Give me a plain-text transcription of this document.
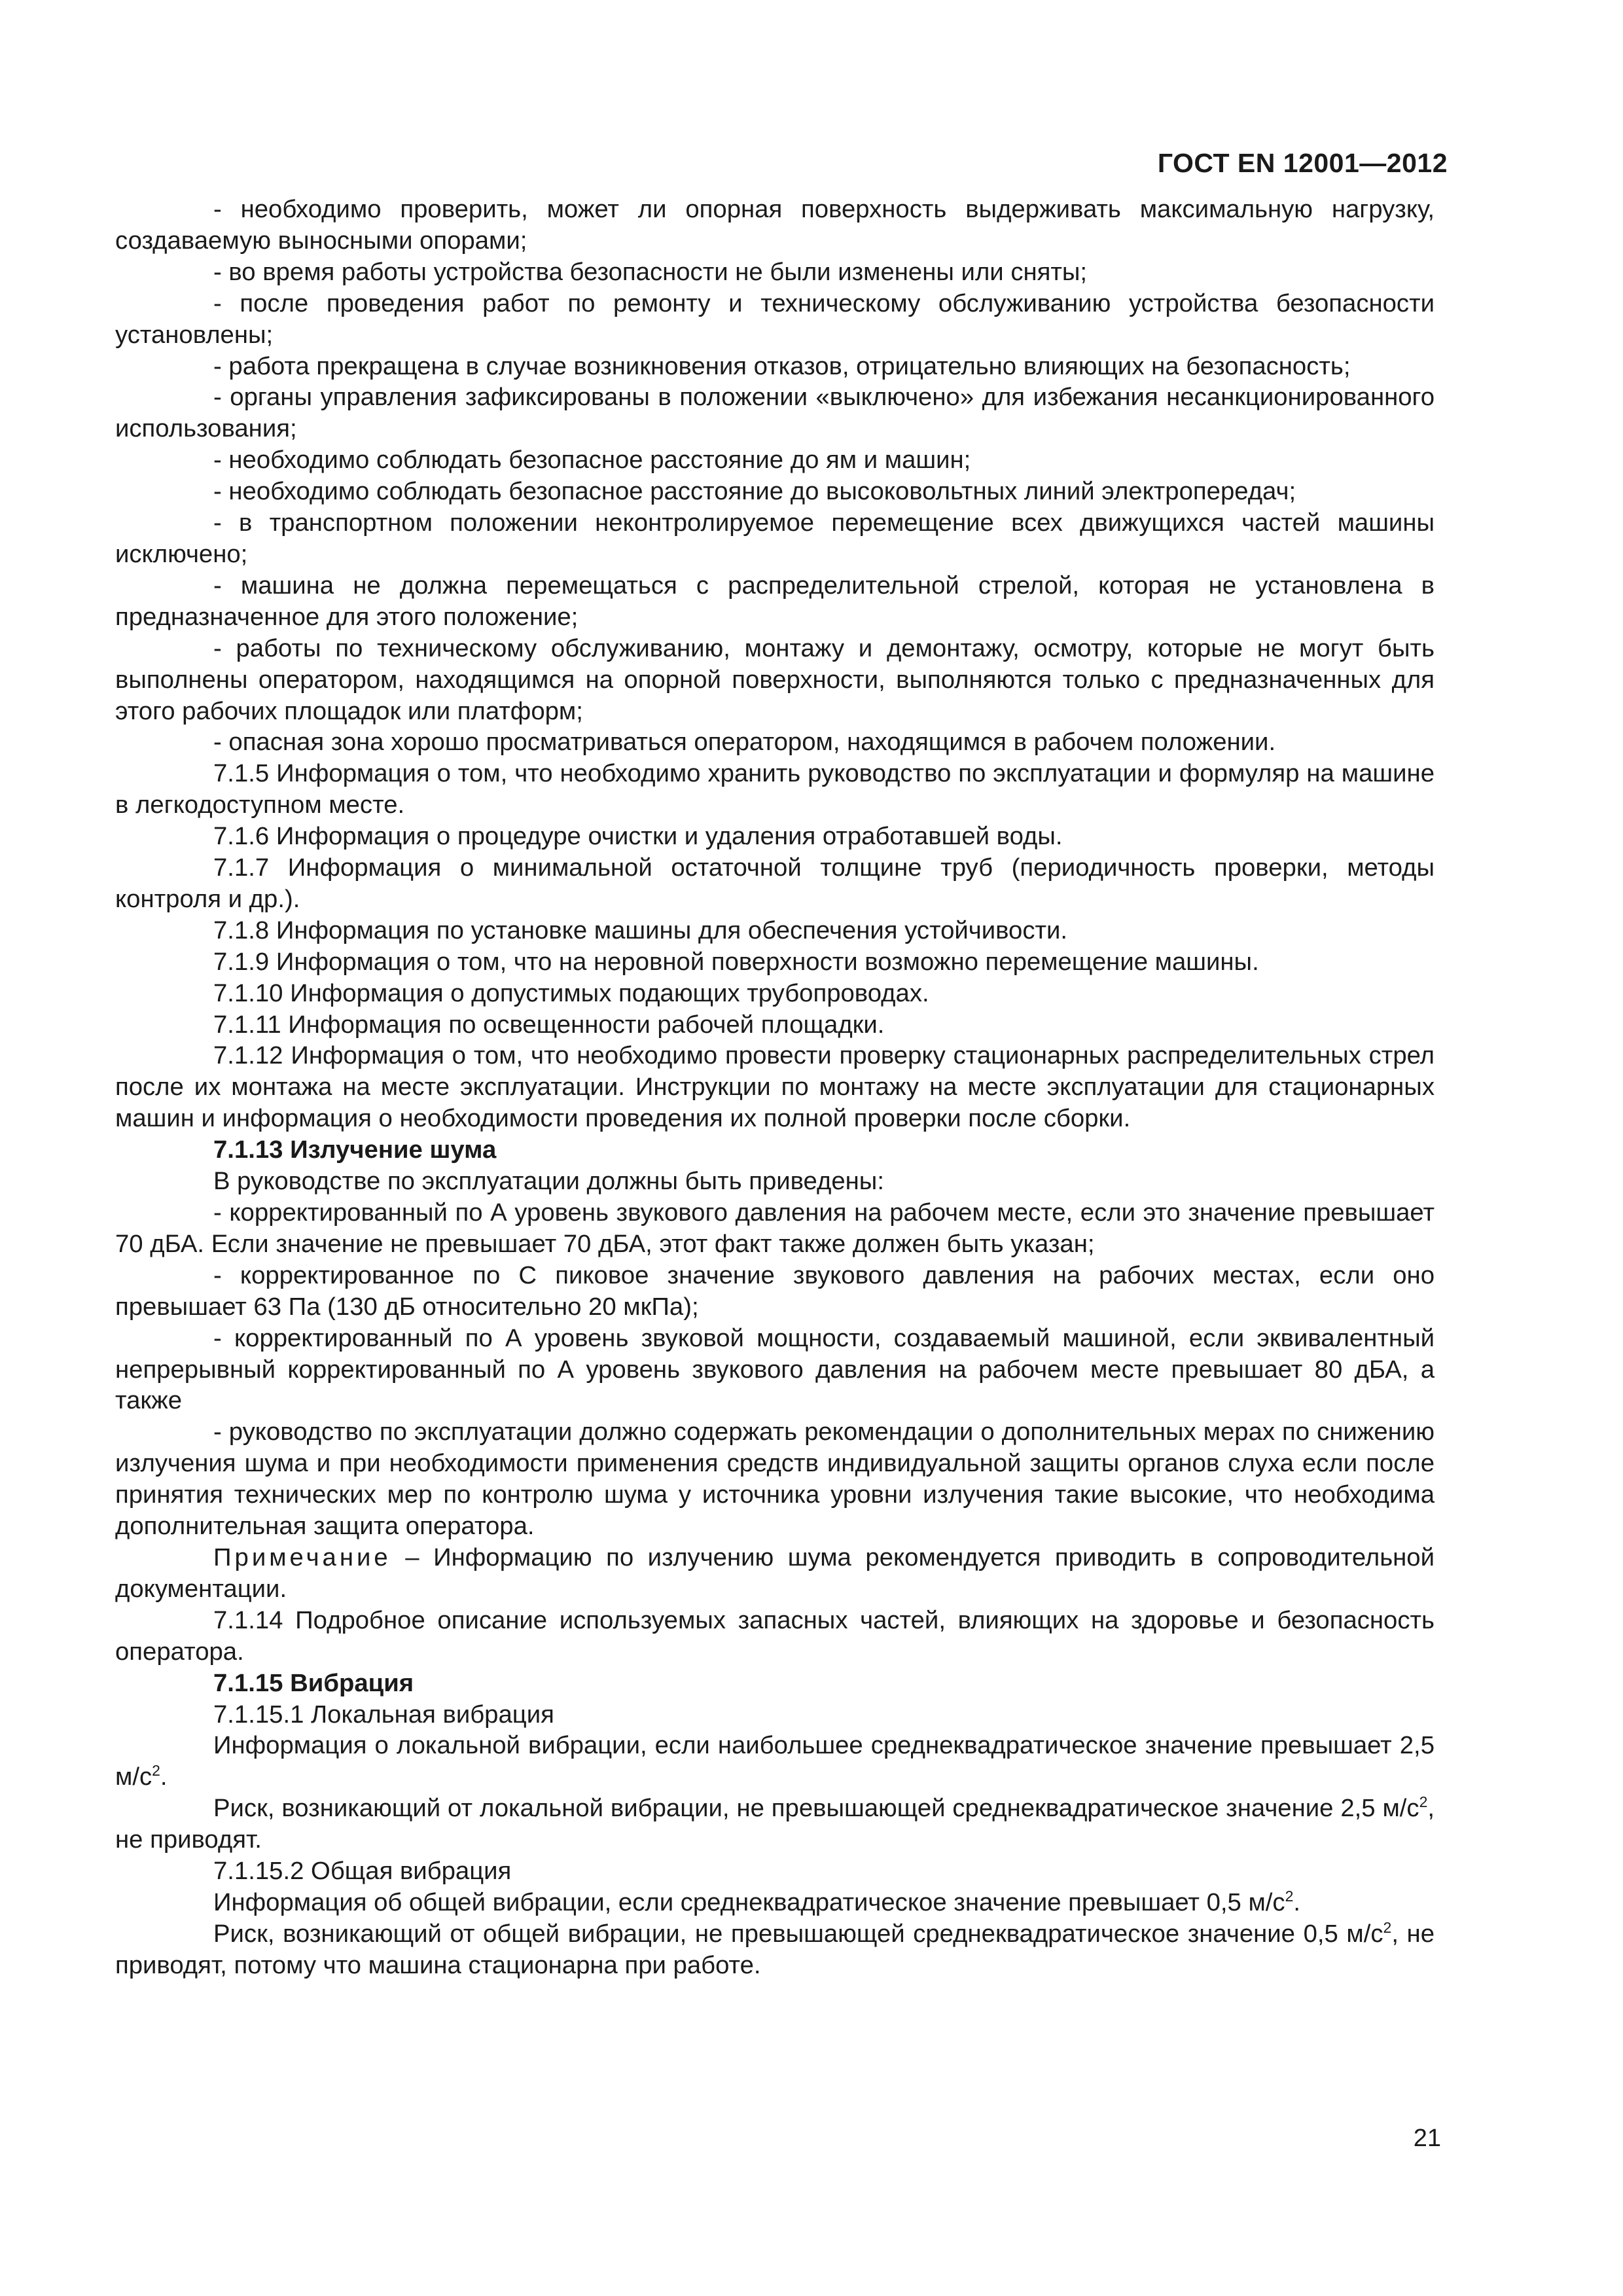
ГОСТ EN 12001—2012

- необходимо проверить, может ли опорная поверхность выдерживать максимальную нагрузку, создаваемую выносными опорами;

- во время работы устройства безопасности не были изменены или сняты;

- после проведения работ по ремонту и техническому обслуживанию устройства безопасности установлены;

- работа прекращена в случае возникновения отказов, отрицательно влияющих на безопасность;

- органы управления зафиксированы в положении «выключено» для избежания несанкционированного использования;

- необходимо соблюдать безопасное расстояние до ям и машин;

- необходимо соблюдать безопасное расстояние до высоковольтных линий электропередач;

- в транспортном положении неконтролируемое перемещение всех движущихся частей машины исключено;

- машина не должна перемещаться с распределительной стрелой, которая не установлена в предназначенное для этого положение;

- работы по техническому обслуживанию, монтажу и демонтажу, осмотру, которые не могут быть выполнены оператором, находящимся на опорной поверхности, выполняются только с предназначенных для этого рабочих площадок или платформ;

- опасная зона хорошо просматриваться оператором, находящимся в рабочем положении.

7.1.5 Информация о том, что необходимо хранить руководство по эксплуатации и формуляр на машине в легкодоступном месте.

7.1.6 Информация о процедуре очистки и удаления отработавшей воды.

7.1.7 Информация о минимальной остаточной толщине труб (периодичность проверки, методы контроля и др.).

7.1.8 Информация по установке машины для обеспечения устойчивости.

7.1.9 Информация о том, что на неровной поверхности возможно перемещение машины.

7.1.10 Информация о допустимых подающих трубопроводах.

7.1.11 Информация по освещенности рабочей площадки.

7.1.12 Информация о том, что необходимо провести проверку стационарных распределительных стрел после их монтажа на месте эксплуатации. Инструкции по монтажу на месте эксплуатации для стационарных машин и информация о необходимости проведения их полной проверки после сборки.

7.1.13 Излучение шума

В руководстве по эксплуатации должны быть приведены:

- корректированный по А уровень звукового давления на рабочем месте, если это значение превышает 70 дБА. Если значение не превышает 70 дБА, этот факт также должен быть указан;

- корректированное по С пиковое значение звукового давления на рабочих местах, если оно превышает 63 Па (130 дБ относительно 20 мкПа);

- корректированный по А уровень звуковой мощности, создаваемый машиной, если эквивалентный непрерывный корректированный по А уровень звукового давления на рабочем месте превышает 80 дБА, а также

- руководство по эксплуатации должно содержать рекомендации о дополнительных мерах по снижению излучения шума и при необходимости применения средств индивидуальной защиты органов слуха если после принятия технических мер по контролю шума у источника уровни излучения такие высокие, что необходима дополнительная защита оператора.

Примечание – Информацию по излучению шума рекомендуется приводить в сопроводительной документации.

7.1.14 Подробное описание используемых запасных частей, влияющих на здоровье и безопасность оператора.

7.1.15 Вибрация

7.1.15.1 Локальная вибрация

Информация о локальной вибрации, если наибольшее среднеквадратическое значение превышает 2,5 $м/с^2$.

Риск, возникающий от локальной вибрации, не превышающей среднеквадратическое значение 2,5 $м/с^2$, не приводят.

7.1.15.2 Общая вибрация

Информация об общей вибрации, если среднеквадратическое значение превышает 0,5 $м/с^2$.

Риск, возникающий от общей вибрации, не превышающей среднеквадратическое значение 0,5 $м/с^2$, не приводят, потому что машина стационарна при работе.

21
